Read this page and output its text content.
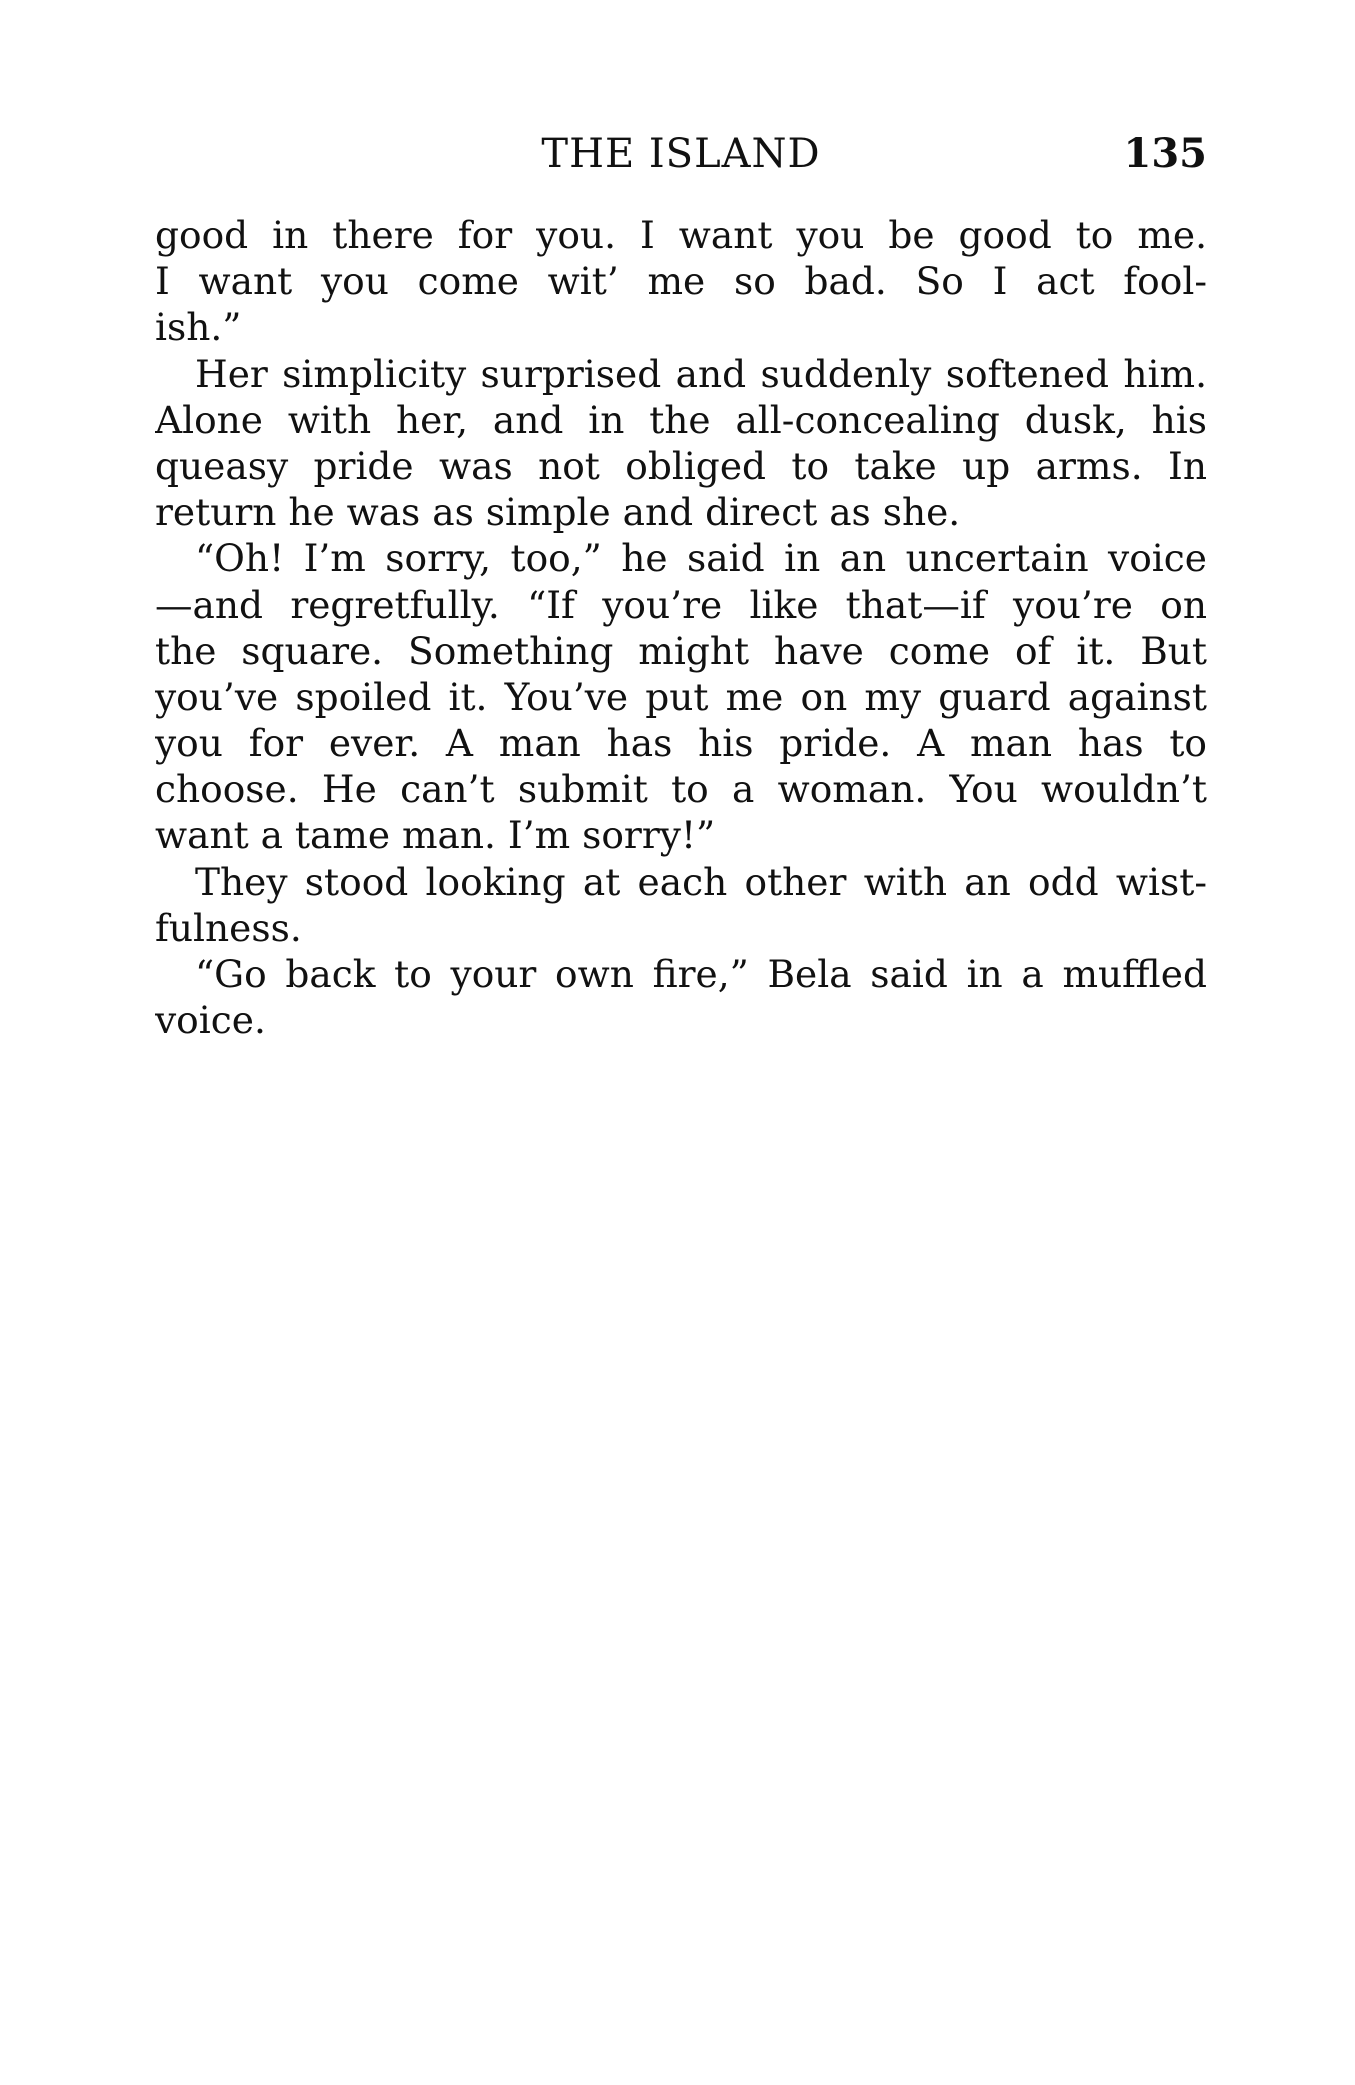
THE ISLAND	135
good in there for you. I want you be good to me.
I want you come wit’ me so bad. So I act fool-
ish.”
Her simplicity surprised and suddenly softened him.
Alone with her, and in the all-concealing dusk, his
queasy pride was not obliged to take up arms. In
return he was as simple and direct as she.
“Oh! I’m sorry, too,” he said in an uncertain voice
—and regretfully. “If you’re like that—if you’re on
the square. Something might have come of it. But
you’ve spoiled it. You’ve put me on my guard against
you for ever. A man has his pride. A man has to
choose. He can’t submit to a woman. You wouldn’t
want a tame man. I’m sorry!”
They stood looking at each other with an odd wist-
fulness.
“Go back to your own fire,” Bela said in a muffled
voice.
